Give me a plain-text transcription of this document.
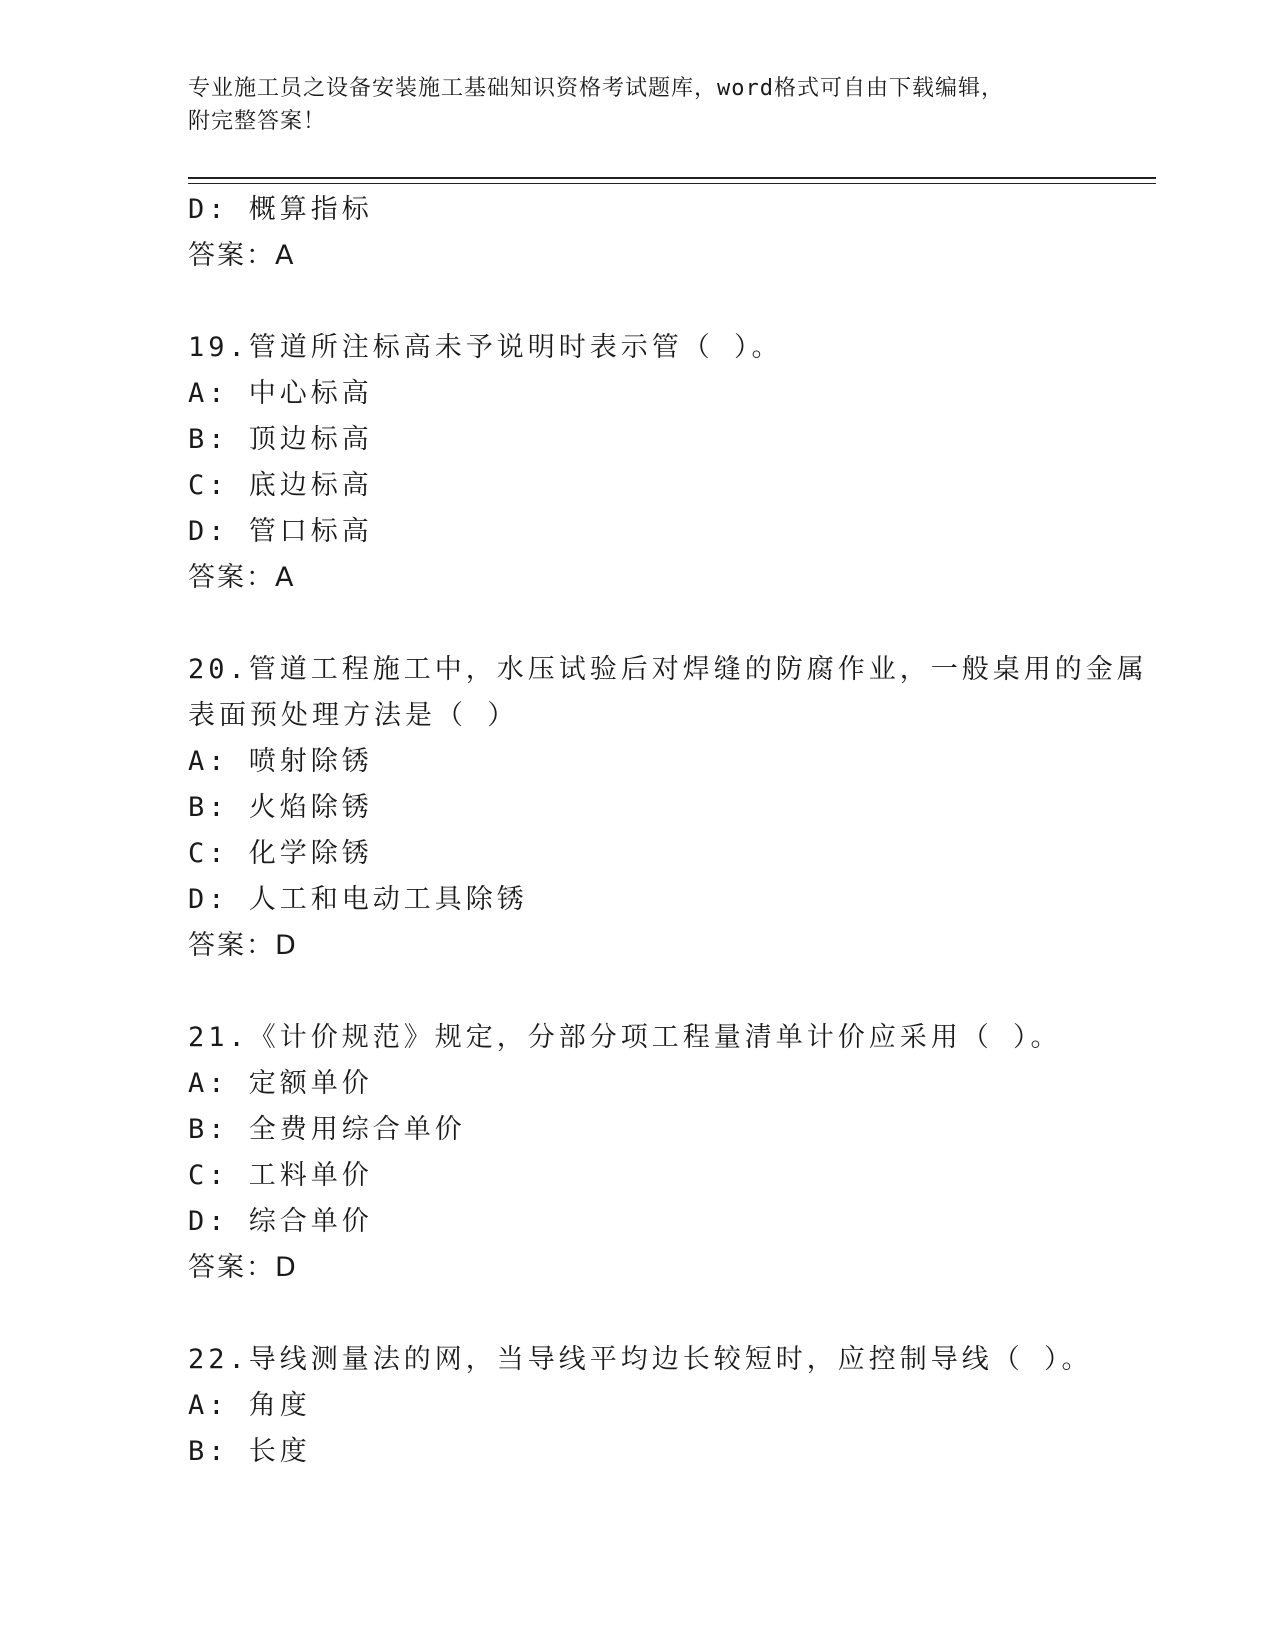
专业施工员之设备安装施工基础知识资格考试题库，word格式可自由下载编辑，
附完整答案！
D: 概算指标
答案：A
19.管道所注标高未予说明时表示管（ ）。
A: 中心标高
B: 顶边标高
C: 底边标高
D: 管口标高
答案：A
20.管道工程施工中，水压试验后对焊缝的防腐作业，一般桌用的金属
表面预处理方法是（ ）
A: 喷射除锈
B: 火焰除锈
C: 化学除锈
D: 人工和电动工具除锈
答案：D
21.《计价规范》规定，分部分项工程量清单计价应采用（ ）。
A: 定额单价
B: 全费用综合单价
C: 工料单价
D: 综合单价
答案：D
22.导线测量法的网，当导线平均边长较短时，应控制导线（ ）。
A: 角度
B: 长度
